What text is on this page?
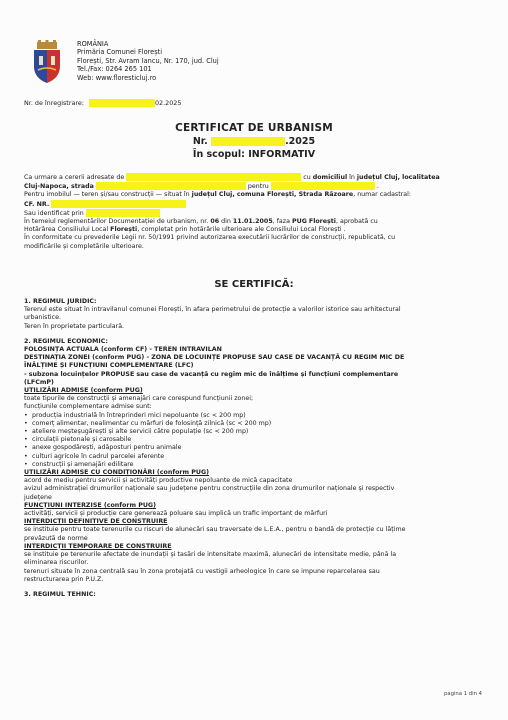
ROMÂNIA
Primăria Comunei Florești
Florești, Str. Avram Iancu, Nr. 170, jud. Cluj
Tel./Fax: 0264 265 101
Web: www.floresticluj.ro
Nr. de înregistrare:	02.2025
CERTIFICAT DE URBANISM
Nr.	.2025
În scopul: INFORMATIV

Ca urmare a cererii adresate de	cu domiciliul în județul Cluj, localitatea

Cluj-Napoca, strada	pentru	.

Pentru imobilul — teren și/sau construcții — situat în județul Cluj, comuna Florești, Strada Răzoare, numar cadastral:

CF. NR.

Sau identificat prin

În temeiul reglementărilor Documentației de urbanism, nr. 06 din 11.01.2005, faza PUG Florești, aprobată cu

Hotărârea Consiliului Local Florești, completat prin hotărârile ulterioare ale Consiliului Local Florești .

În conformitate cu prevederile Legii nr. 50/1991 privind autorizarea executării lucrărilor de construcții, republicată, cu

modificările și completările ulterioare.

SE CERTIFICĂ:

1. REGIMUL JURIDIC:

Terenul este situat în intravilanul comunei Florești, în afara perimetrului de protecție a valorilor istorice sau arhitectural

urbanistice.

Teren în proprietate particulară.

2. REGIMUL ECONOMIC:

FOLOSINȚA ACTUALA (conform CF) - TEREN INTRAVILAN

DESTINAȚIA ZONEI (conform PUG) - ZONA DE LOCUINȚE PROPUSE SAU CASE DE VACANȚĂ CU REGIM MIC DE

ÎNĂLȚIME ȘI FUNCȚIUNI COMPLEMENTARE (LFC)

- subzona locuințelor PROPUSE sau case de vacanță cu regim mic de înălțime și funcțiuni complementare

(LFCmP)

UTILIZĂRI ADMISE (conform PUG)

toate tipurile de construcții și amenajări care corespund funcțiunii zonei;

funcțiunile complementare admise sunt:

• producția industrială în întreprinderi mici nepoluante (sc < 200 mp)

• comerț alimentar, nealimentar cu mărfuri de folosință zilnică (sc < 200 mp)

• ateliere meșteșugărești și alte servicii către populație (sc < 200 mp)

• circulații pietonale și carosabile

• anexe gospodărești, adăposturi pentru animale

• culturi agricole în cadrul parcelei aferente

• construcții și amenajări edilitare

UTILIZĂRI ADMISE CU CONDIȚIONĂRI (conform PUG)

acord de mediu pentru servicii și activități productive nepoluante de mică capacitate

avizul administrației drumurilor naționale sau județene pentru construcțiile din zona drumurilor naționale și respectiv

județene

FUNCȚIUNI INTERZISE (conform PUG)

activități, servicii și producție care generează poluare sau implică un trafic important de mărfuri

INTERDICȚII DEFINITIVE DE CONSTRUIRE

se instituie pentru toate terenurile cu riscuri de alunecări sau traversate de L.E.A., pentru o bandă de protecție cu lățime

prevăzută de norme

INTERDICȚII TEMPORARE DE CONSTRUIRE

se instituie pe terenurile afectate de inundații și tasări de intensitate maximă, alunecări de intensitate medie, până la

eliminarea riscurilor.

terenuri situate în zona centrală sau în zona protejată cu vestigii arheologice în care se impune reparcelarea sau

restructurarea prin P.U.Z.

3. REGIMUL TEHNIC:

pagina 1 din 4
